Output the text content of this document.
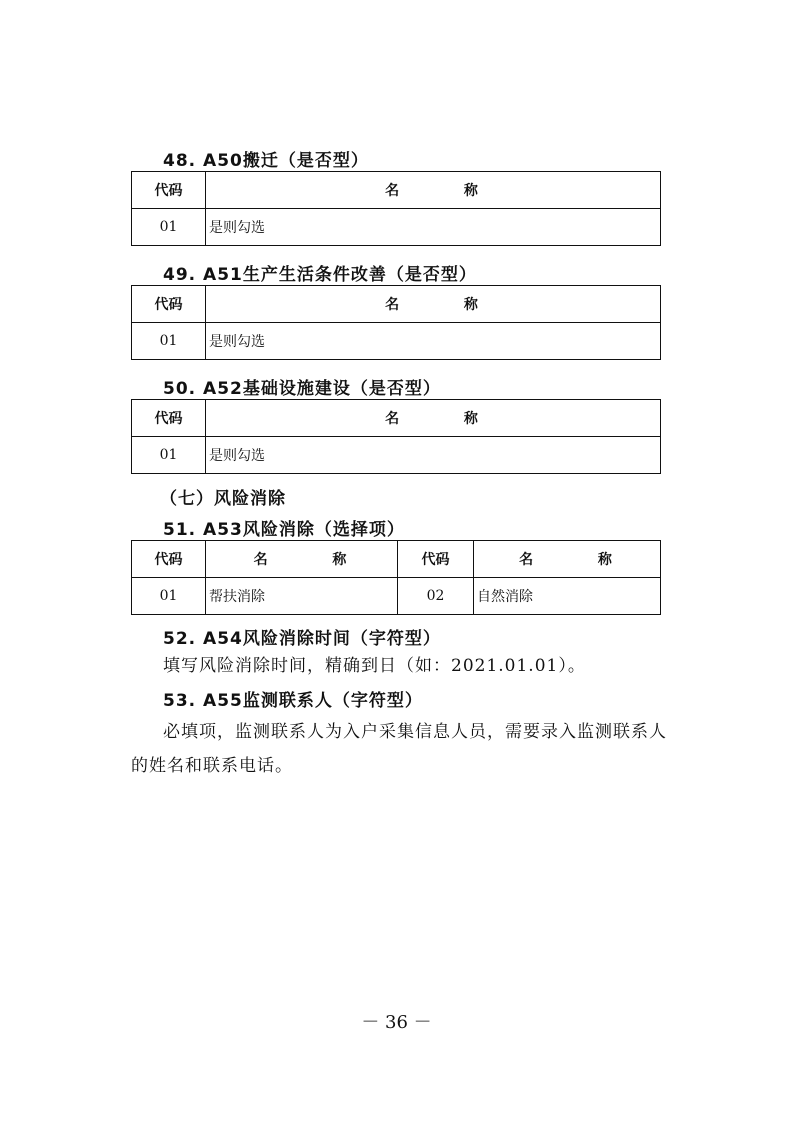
48. A50搬迁（是否型）
代码	名 称
01	是则勾选
49. A51生产生活条件改善（是否型）
代码	名 称
01	是则勾选
50. A52基础设施建设（是否型）
代码	名 称
01	是则勾选
（七）风险消除
51. A53风险消除（选择项）
代码	名 称	代码	名 称
01	帮扶消除	02	自然消除
52. A54风险消除时间（字符型）
填写风险消除时间，精确到日（如：2021.01.01）。
53. A55监测联系人（字符型）
必填项，监测联系人为入户采集信息人员，需要录入监测联系人的姓名和联系电话。
－ 36 －
